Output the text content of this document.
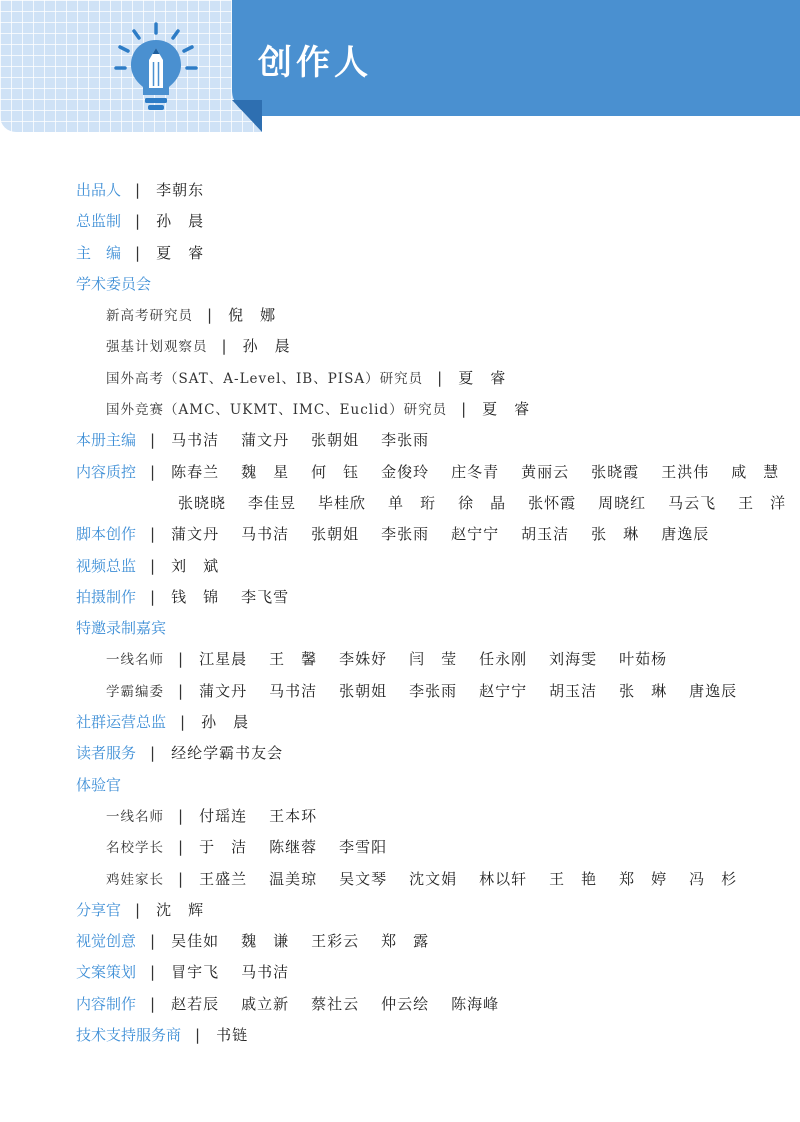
创作人
出品人 | 李朝东
总监制 | 孙　晨
主　编 | 夏　睿
学术委员会
新高考研究员 | 倪　娜
强基计划观察员 | 孙　晨
国外高考（SAT、A-Level、IB、PISA）研究员 | 夏　睿
国外竞赛（AMC、UKMT、IMC、Euclid）研究员 | 夏　睿
本册主编 | 马书洁 蒲文丹 张朝姐 李张雨
内容质控 | 陈春兰 魏　星 何　钰 金俊玲 庄冬青 黄丽云 张晓霞 王洪伟 咸　慧
张晓晓 李佳昱 毕桂欣 单　珩 徐　晶 张怀霞 周晓红 马云飞 王　洋
脚本创作 | 蒲文丹 马书洁 张朝姐 李张雨 赵宁宁 胡玉洁 张　琳 唐逸辰
视频总监 | 刘　斌
拍摄制作 | 钱　锦 李飞雪
特邀录制嘉宾
一线名师 | 江星晨 王　馨 李姝妤 闫　莹 任永刚 刘海雯 叶茹杨
学霸编委 | 蒲文丹 马书洁 张朝姐 李张雨 赵宁宁 胡玉洁 张　琳 唐逸辰
社群运营总监 | 孙　晨
读者服务 | 经纶学霸书友会
体验官
一线名师 | 付瑶连 王本环
名校学长 | 于　洁 陈继蓉 李雪阳
鸡娃家长 | 王盛兰 温美琼 吴文琴 沈文娟 林以轩 王　艳 郑　婷 冯　杉
分享官 | 沈　辉
视觉创意 | 吴佳如 魏　谦 王彩云 郑　露
文案策划 | 冒宇飞 马书洁
内容制作 | 赵若辰 戚立新 蔡社云 仲云绘 陈海峰
技术支持服务商 | 书链
